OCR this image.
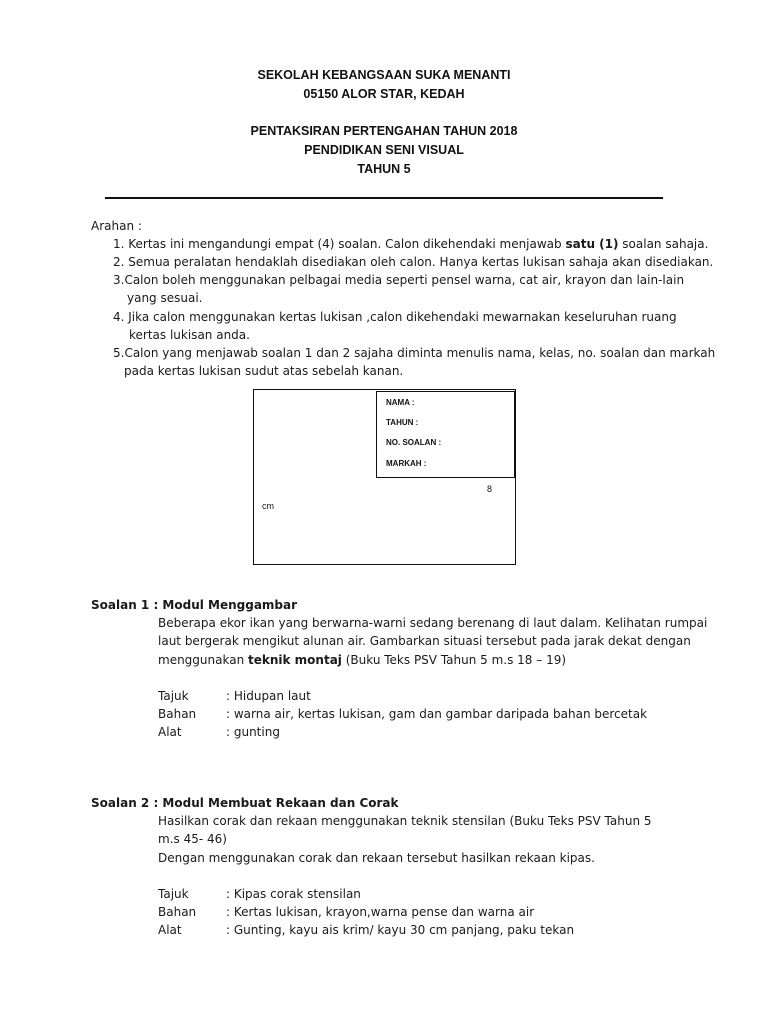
SEKOLAH KEBANGSAAN SUKA MENANTI
05150 ALOR STAR, KEDAH
PENTAKSIRAN PERTENGAHAN TAHUN 2018
PENDIDIKAN SENI VISUAL
TAHUN 5
Arahan :
1. Kertas ini mengandungi empat (4) soalan. Calon dikehendaki menjawab satu (1) soalan sahaja.
2. Semua peralatan hendaklah disediakan oleh calon. Hanya kertas lukisan sahaja akan disediakan.
3.Calon boleh menggunakan pelbagai media seperti pensel warna, cat air, krayon dan lain-lain
yang sesuai.
4. Jika calon menggunakan kertas lukisan ,calon dikehendaki mewarnakan keseluruhan ruang
kertas lukisan anda.
5.Calon yang menjawab soalan 1 dan 2 sajaha diminta menulis nama, kelas, no. soalan dan markah
pada kertas lukisan sudut atas sebelah kanan.
NAMA :
TAHUN :
NO. SOALAN :
MARKAH :
8
cm
Soalan 1 : Modul Menggambar
Beberapa ekor ikan yang berwarna-warni sedang berenang di laut dalam. Kelihatan rumpai
laut bergerak mengikut alunan air. Gambarkan situasi tersebut pada jarak dekat dengan
menggunakan teknik montaj (Buku Teks PSV Tahun 5 m.s 18 – 19)
Tajuk	: Hidupan laut
Bahan : warna air, kertas lukisan, gam dan gambar daripada bahan bercetak
Alat	: gunting
Soalan 2 : Modul Membuat Rekaan dan Corak
Hasilkan corak dan rekaan menggunakan teknik stensilan (Buku Teks PSV Tahun 5
m.s 45- 46)
Dengan menggunakan corak dan rekaan tersebut hasilkan rekaan kipas.
Tajuk	: Kipas corak stensilan
Bahan : Kertas lukisan, krayon,warna pense dan warna air
Alat	: Gunting, kayu ais krim/ kayu 30 cm panjang, paku tekan
